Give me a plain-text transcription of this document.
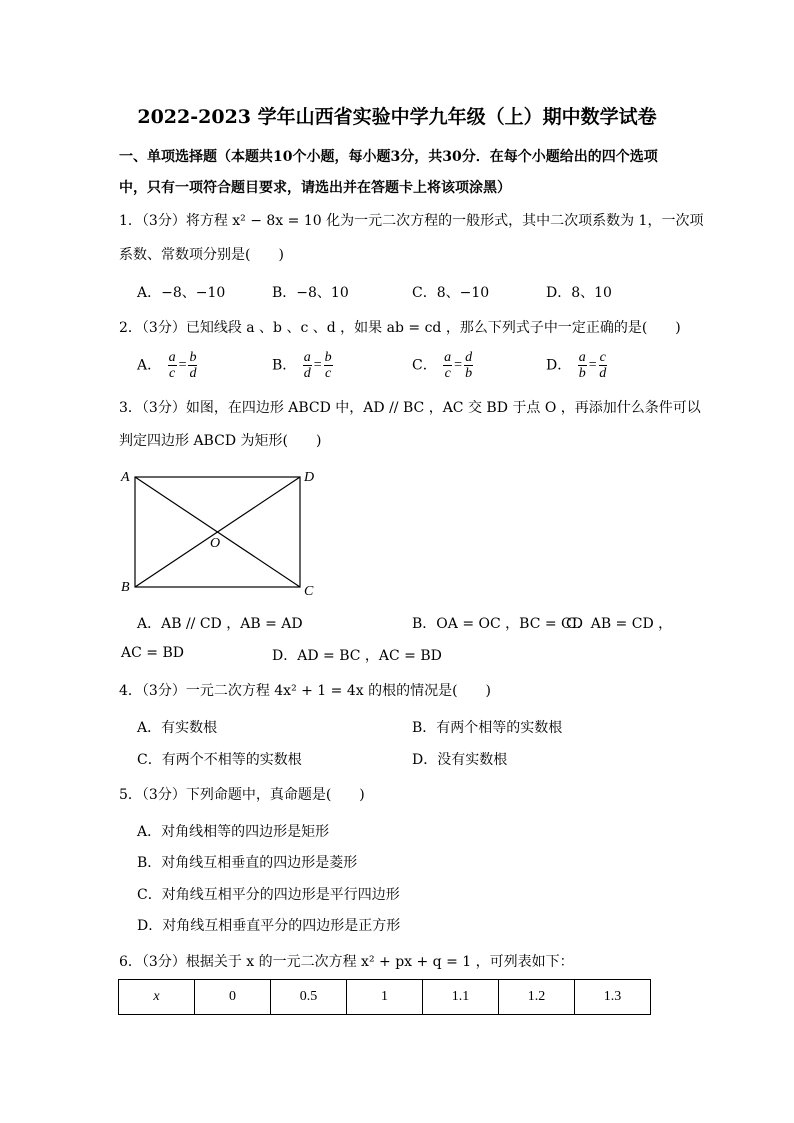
2022-2023 学年山西省实验中学九年级（上）期中数学试卷
一、单项选择题（本题共10个小题，每小题3分，共30分．在每个小题给出的四个选项
中，只有一项符合题目要求，请选出并在答题卡上将该项涂黑）
1．（3分）将方程 x² − 8x = 10 化为一元二次方程的一般形式，其中二次项系数为 1，一次项
系数、常数项分别是(　　)
A．−8、−10	B．−8、10	C．8、−10	D．8、10
2．（3分）已知线段 a 、b 、c 、d ，如果 ab = cd ，那么下列式子中一定正确的是(　　)
A． $\frac{a}{c} = \frac{b}{d}$	B． $\frac{a}{d} = \frac{b}{c}$	C． $\frac{a}{c} = \frac{d}{b}$	D． $\frac{a}{b} = \frac{c}{d}$
3．（3分）如图，在四边形 ABCD 中，AD // BC ，AC 交 BD 于点 O ，再添加什么条件可以
判定四边形 ABCD 为矩形(　　)
A	D
B	C
O
A．AB // CD ，AB = AD	B．OA = OC ，BC = CD
C．AB = CD ，
AC = BD	D．AD = BC ，AC = BD
4．（3分）一元二次方程 4x² + 1 = 4x 的根的情况是(　　)
A．有实数根	B．有两个相等的实数根
C．有两个不相等的实数根	D．没有实数根
5．（3分）下列命题中，真命题是(　　)
A．对角线相等的四边形是矩形
B．对角线互相垂直的四边形是菱形
C．对角线互相平分的四边形是平行四边形
D．对角线互相垂直平分的四边形是正方形
6．（3分）根据关于 x 的一元二次方程 x² + px + q = 1 ，可列表如下：
x	0	0.5	1	1.1	1.2	1.3
